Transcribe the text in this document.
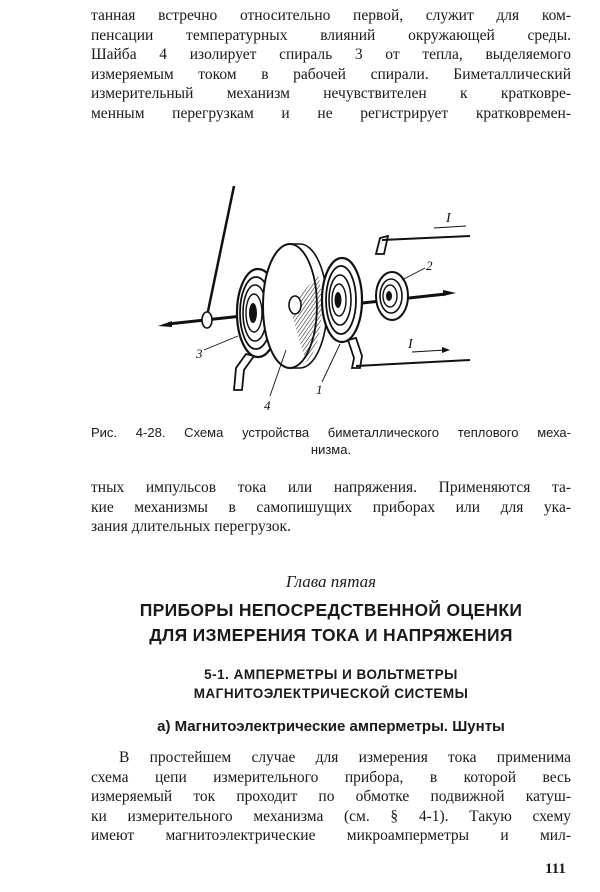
танная встречно относительно первой, служит для ком-
пенсации температурных влияний окружающей среды.
Шайба 4 изолирует спираль 3 от тепла, выделяемого
измеряемым током в рабочей спирали. Биметаллический
измерительный механизм нечувствителен к кратковре-
менным перегрузкам и не регистрирует кратковремен-
I
I
2
3
4
1
Рис. 4-28. Схема устройства биметаллического теплового меха-
низма.
тных импульсов тока или напряжения. Применяются та-
кие механизмы в самопишущих приборах или для ука-
зания длительных перегрузок.
Глава пятая
ПРИБОРЫ НЕПОСРЕДСТВЕННОЙ ОЦЕНКИ
ДЛЯ ИЗМЕРЕНИЯ ТОКА И НАПРЯЖЕНИЯ
5-1. АМПЕРМЕТРЫ И ВОЛЬТМЕТРЫ
МАГНИТОЭЛЕКТРИЧЕСКОЙ СИСТЕМЫ
а) Магнитоэлектрические амперметры. Шунты
В простейшем случае для измерения тока применима
схема цепи измерительного прибора, в которой весь
измеряемый ток проходит по обмотке подвижной катуш-
ки измерительного механизма (см. § 4-1). Такую схему
имеют магнитоэлектрические микроамперметры и мил-
111
